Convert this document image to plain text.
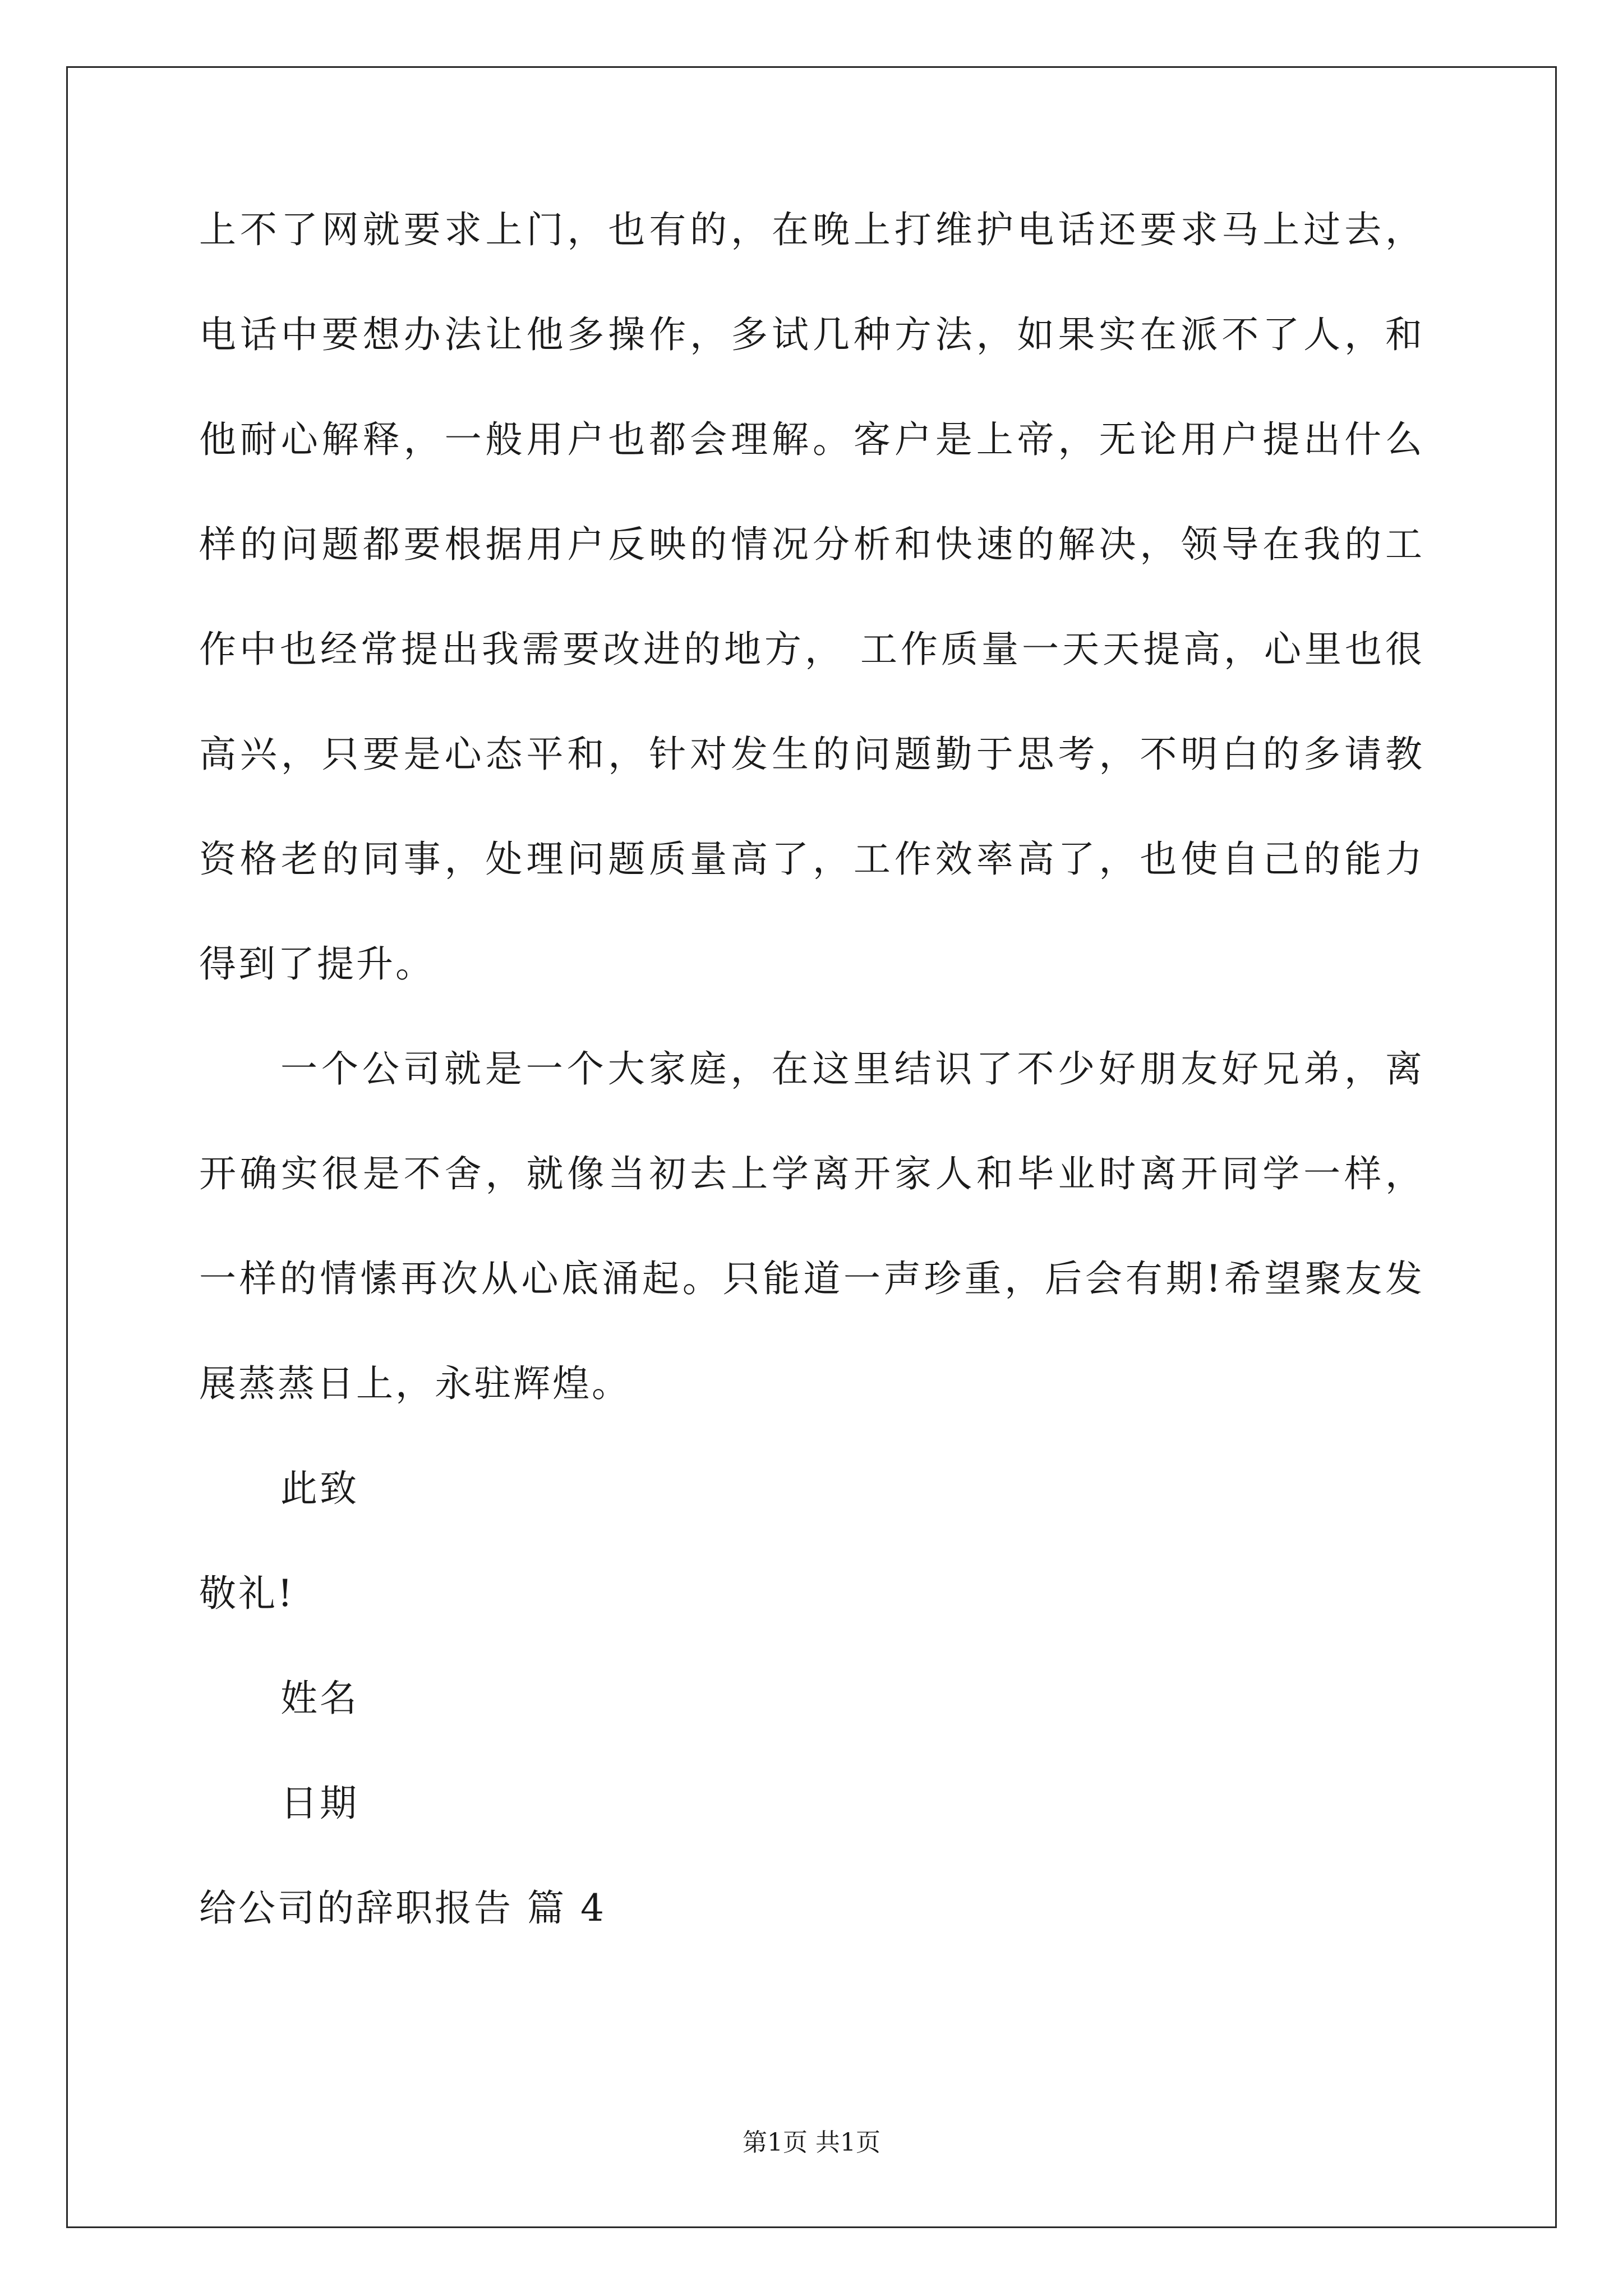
上不了网就要求上门，也有的，在晚上打维护电话还要求马上过去，
电话中要想办法让他多操作，多试几种方法，如果实在派不了人，和
他耐心解释，一般用户也都会理解。客户是上帝，无论用户提出什么
样的问题都要根据用户反映的情况分析和快速的解决，领导在我的工
作中也经常提出我需要改进的地方， 工作质量一天天提高，心里也很
高兴，只要是心态平和，针对发生的问题勤于思考，不明白的多请教
资格老的同事，处理问题质量高了，工作效率高了，也使自己的能力
得到了提升。
一个公司就是一个大家庭，在这里结识了不少好朋友好兄弟，离
开确实很是不舍，就像当初去上学离开家人和毕业时离开同学一样，
一样的情愫再次从心底涌起。只能道一声珍重，后会有期!希望聚友发
展蒸蒸日上，永驻辉煌。
此致
敬礼!
姓名
日期
给公司的辞职报告 篇 4
第1页 共1页
